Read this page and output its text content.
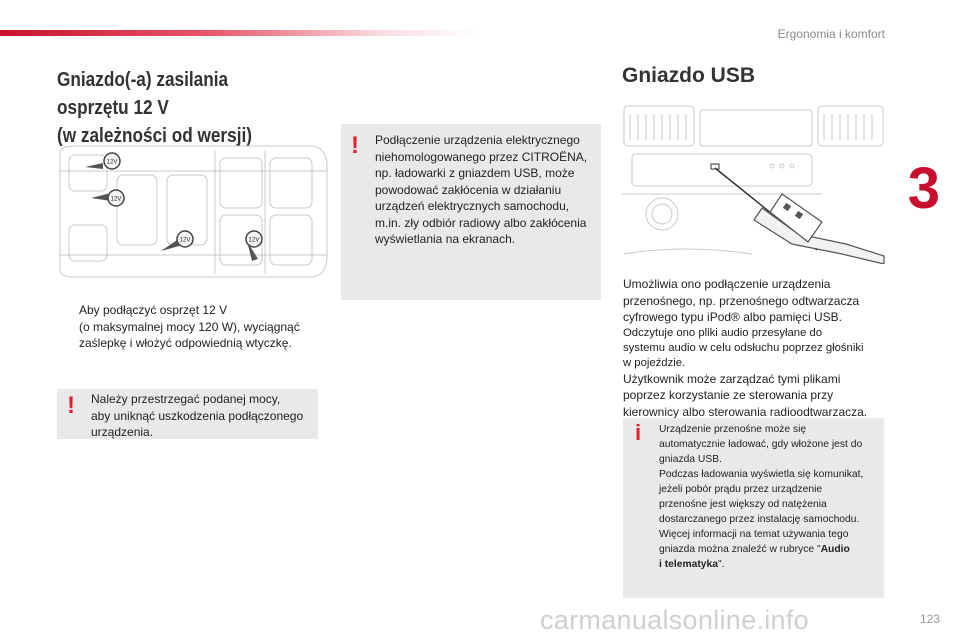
Ergonomia i komfort
3
Gniazdo(-a) zasilania osprzętu 12 V
(w zależności od wersji)
12V
12V
12V	12V
Aby podłączyć osprzęt 12 V
(o maksymalnej mocy 120 W), wyciągnąć
zaślepkę i włożyć odpowiednią wtyczkę.
! Należy przestrzegać podanej mocy,
aby uniknąć uszkodzenia podłączonego
urządzenia.
! Podłączenie urządzenia elektrycznego
niehomologowanego przez CITROËNA,
np. ładowarki z gniazdem USB, może
powodować zakłócenia w działaniu
urządzeń elektrycznych samochodu,
m.in. zły odbiór radiowy albo zakłócenia
wyświetlania na ekranach.
Gniazdo USB
Umożliwia ono podłączenie urządzenia
przenośnego, np. przenośnego odtwarzacza
cyfrowego typu iPod® albo pamięci USB.
Odczytuje ono pliki audio przesyłane do
systemu audio w celu odsłuchu poprzez głośniki
w pojeździe.
Użytkownik może zarządzać tymi plikami
poprzez korzystanie ze sterowania przy
kierownicy albo sterowania radioodtwarzacza.
i Urządzenie przenośne może się
automatycznie ładować, gdy włożone jest do
gniazda USB.
Podczas ładowania wyświetla się komunikat,
jeżeli pobór prądu przez urządzenie
przenośne jest większy od natężenia
dostarczanego przez instalację samochodu.
Więcej informacji na temat używania tego
gniazda można znaleźć w rubryce "Audio
i telematyka".
carmanualsonline.info	123
